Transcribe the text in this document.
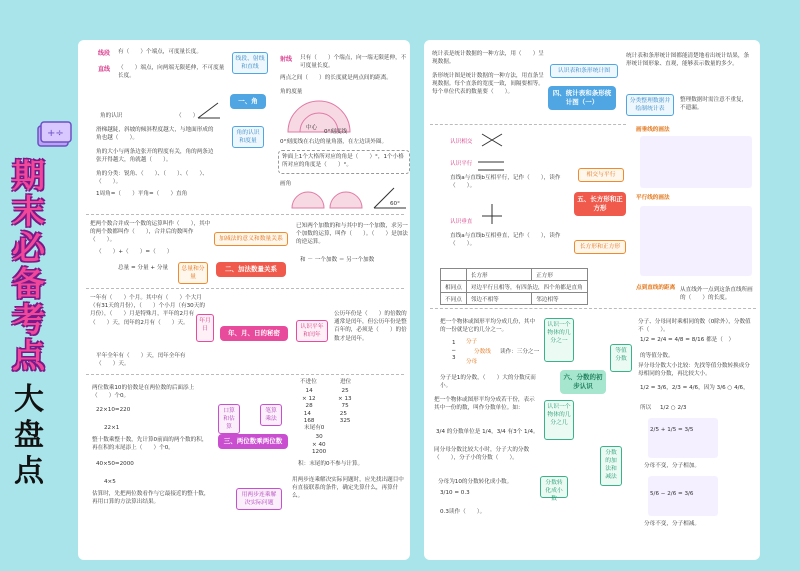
+÷
期
末
必
备
考
点
大
盘
点
线段 有（　　）个端点，可度量长度。
直线 （　　）端点，向两端无限延伸，不可度量长度。
线段、射线和直线
射线 只有（　　）个端点，向一端无限延伸，不可度量长度。
两点之间（　　）的长度就是两点间的距离。
角的认识	（　　）
滑梯越陡，斜坡的倾斜程度越大，与地面形成的角也越（　　）。
角的大小与两条边张开的程度有关，角的两条边张开得越大，角就越（　　）。
角的分类：锐角、（　　）、（　　）、（　　）、（　　）。
1周角=（　　）平角=（　　）直角
一、角
角的认识和度量
角的度量
中心
0°刻度线
0°刻度线在右边的量角器，在左边读外圈。
钟面上1个大格所对应的角是（　　）°，1个小格所对应的角度是（　　）°。
画角
60°
把两个数合并成一个数的运算叫作（　　），其中的两个数都叫作（　　），合并后的数叫作（　　）。
（　　）+（　　）=（　　）
总量 = 分量 + 分量
加减法的意义和数量关系
总量和分量
二、加法数量关系
已知两个加数的和与其中的一个加数，求另一个加数的运算，叫作（　　）。（　　）是加法的逆运算。
和 － 一个加数 ＝ 另一个加数
一年有（　　）个月。其中有（　　）个大月（有31天的月份），（　　）个小月（有30天的月份），（　　）月是特殊月，平年的2月有（　　）天，闰年的2月有（　　）天。
平年全年有（　　）天，闰年全年有（　　）天。
年月日	年、月、日的秘密
认识平年和闰年
公历年份是（　　）的倍数的通常是闰年，但公历年份是整百年的，必须是（　　）的倍数才是闰年。
两位数乘10的倍数是在两位数的后面添上（　　）个0。
22×10=220
22×1
整十数乘整十数，先计算0前面的两个数的积，再在积的末尾添上（　　）个0。
40×50=2000
4×5
估算时，先把两位数看作与它最接近的整十数，再用口算的方法算出结果。
口算和估算
笔算乘法
三、两位数乘两位数
用两步连乘解决实际问题
不进位	进位
14
× 12
28
14
168
25
× 13
75
25
325
末尾有0
30
× 40
1200
积：末尾的0不参与计算。
用两步连乘解决实际问题时，应先找出题目中有直接联系的条件，确定先算什么，再算什么。
统计表是统计数据的一种方法，用（　　）呈现数据。
条形统计图是统计数据的一种方法，用直条呈现数据。每个直条的宽度一致，间隔要相等。每个单位代表的数量要（　　）。
认识表和条形统计图
四、统计表和条形统计图（一）	分类整理数据并绘制统计表
统计表和条形统计图都能清楚地看出统计结果，条形统计图形象、直观，能够表示数量的多少。
整理数据时需注意不重复，不遗漏。
认识相交
认识平行
直线a与直线b互相平行，记作（　　），读作（　　）。
认识垂直
直线a与直线b互相垂直，记作（　　），读作（　　）。
相交与平行
五、长方形和正方形
长方形和正方形
画垂线的画法
平行线的画法
点到直线的距离 从直线外一点到这条直线所画的（　　）的长度。
	长方形	正方形
相同点	对边平行且相等，有四条边，四个角都是直角	
不同点	邻边不相等	邻边相等
把一个物体或图形平均分成几份，其中的一份就是它的几分之一。
1
─
3
分子
分数线
分母
读作：三分之一
分子是1的分数，（　　）大的分数反而小。
把一个物体或图形平均分成若干份，表示其中一份的数，叫作分数单位。如：
3/4 的分数单位是 1/4，3/4 有3个 1/4。
同分母分数比较大小时，分子大的分数（　　），分子小的分数（　　）。
认识一个物体的几分之一
认识一个物体的几分之几
六、分数的初步认识
等值分数
分数的加法和减法
分数转化成小数
分子、分母同时乘相同的数（0除外），分数值不（　　）。
1/2 = 2/4 = 4/8 = 8/16 都是（　）
的等值分数。
异分母分数大小比较：先找等值分数转换成分母相同的分数，再比较大小。
1/2 = 3/6，2/3 = 4/6，因为 3/6 ○ 4/6，
所以 1/2 ○ 2/3
2/5 + 1/5 = 3/5
分母不变，分子相加。
5/6 − 2/6 = 3/6
分母不变，分子相减。
分母为10的分数转化成小数。
3/10 = 0.3
0.3读作（　　）。
